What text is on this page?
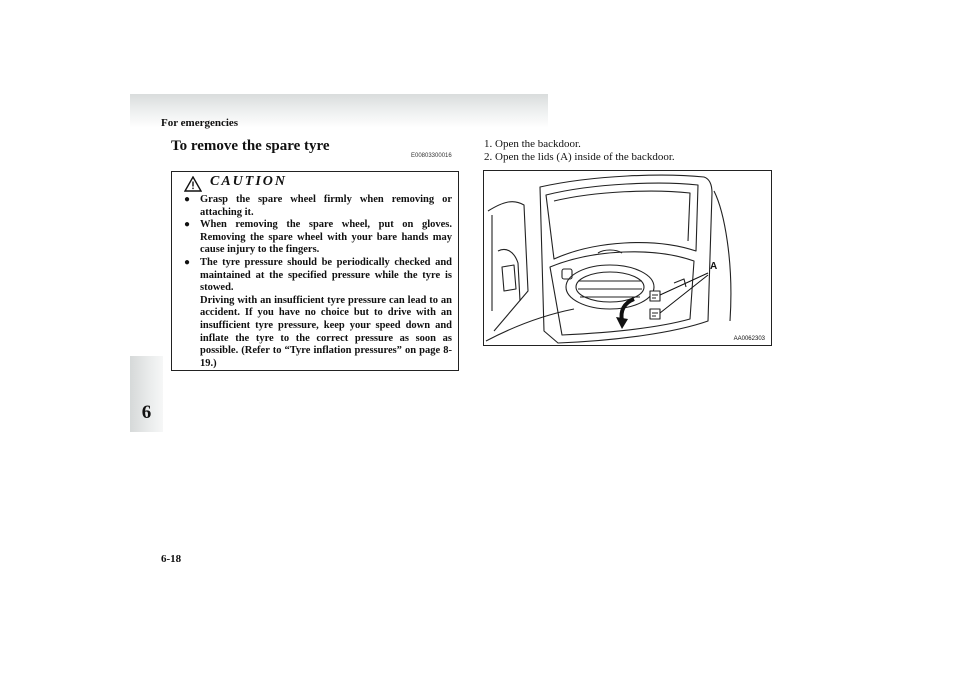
For emergencies
6
To remove the spare tyre
E00803300016
CAUTION
● Grasp the spare wheel firmly when removing or attaching it.
● When removing the spare wheel, put on gloves. Removing the spare wheel with your bare hands may cause injury to the fingers.
● The tyre pressure should be periodically checked and maintained at the specified pressure while the tyre is stowed.
Driving with an insufficient tyre pressure can lead to an accident. If you have no choice but to drive with an insufficient tyre pressure, keep your speed down and inflate the tyre to the correct pressure as soon as possible. (Refer to “Tyre inflation pressures” on page 8-19.)
1. Open the backdoor.
2. Open the lids (A) inside of the backdoor.
A
AA0062303
6-18
